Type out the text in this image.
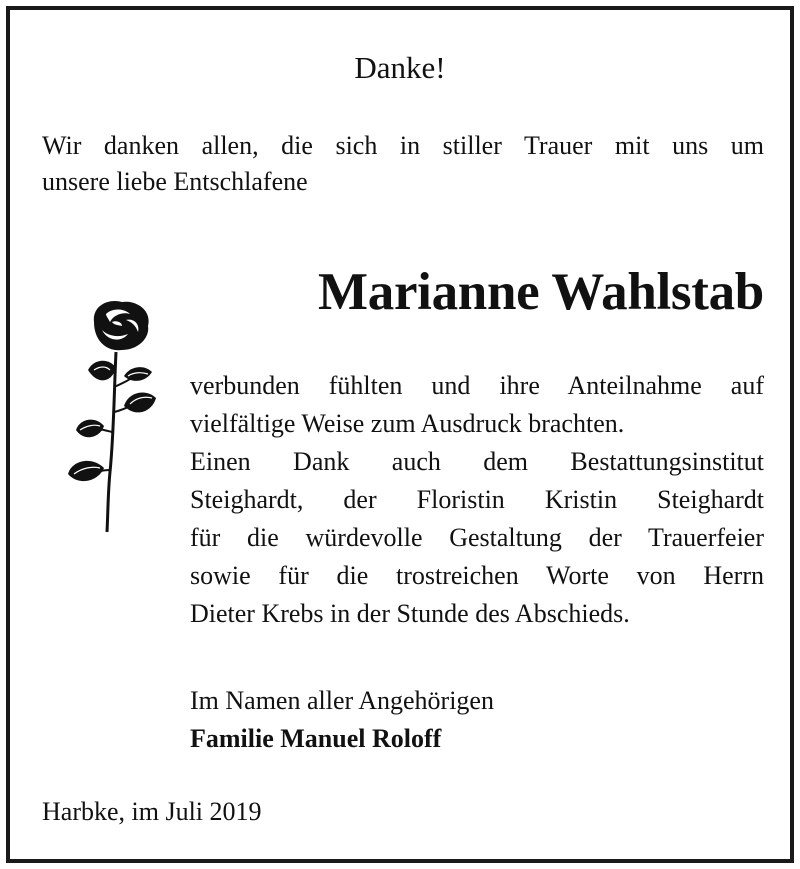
Danke!
Wir danken allen, die sich in stiller Trauer mit uns um
unsere liebe Entschlafene
Marianne Wahlstab
verbunden fühlten und ihre Anteilnahme auf
vielfältige Weise zum Ausdruck brachten.
Einen Dank auch dem Bestattungsinstitut
Steighardt, der Floristin Kristin Steighardt
für die würdevolle Gestaltung der Trauerfeier
sowie für die trostreichen Worte von Herrn
Dieter Krebs in der Stunde des Abschieds.
Im Namen aller Angehörigen
Familie Manuel Roloff
Harbke, im Juli 2019
